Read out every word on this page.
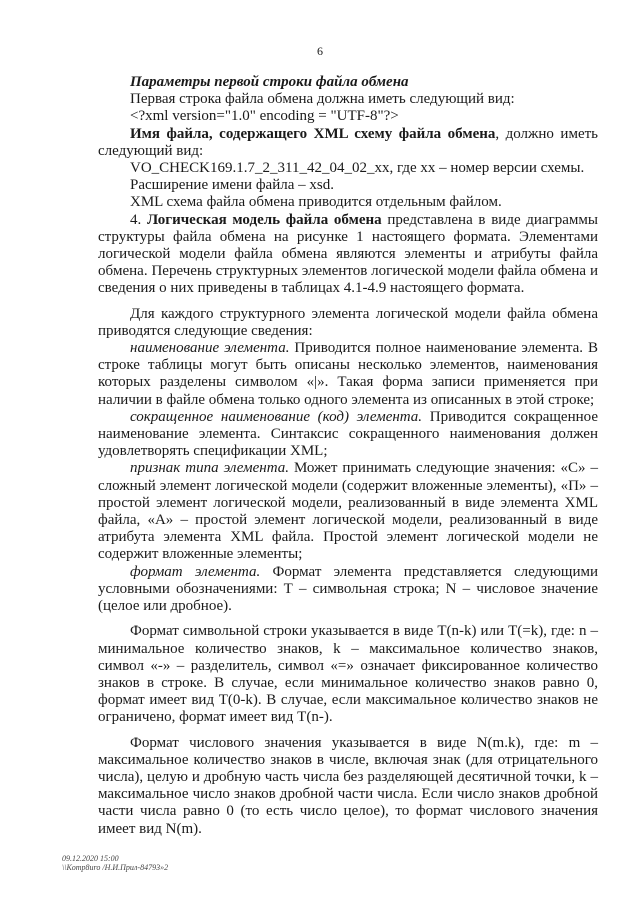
6

Параметры первой строки файла обмена

Первая строка файла обмена должна иметь следующий вид:

<?xml version="1.0" encoding = "UTF-8"?>

Имя файла, содержащего XML схему файла обмена, должно иметь следующий вид:

VO_CHECK169.1.7_2_311_42_04_02_xx, где хх – номер версии схемы.

Расширение имени файла – xsd.

XML схема файла обмена приводится отдельным файлом.

4. Логическая модель файла обмена представлена в виде диаграммы структуры файла обмена на рисунке 1 настоящего формата. Элементами логической модели файла обмена являются элементы и атрибуты файла обмена. Перечень структурных элементов логической модели файла обмена и сведения о них приведены в таблицах 4.1-4.9 настоящего формата.

Для каждого структурного элемента логической модели файла обмена приводятся следующие сведения:

наименование элемента. Приводится полное наименование элемента. В строке таблицы могут быть описаны несколько элементов, наименования которых разделены символом «|». Такая форма записи применяется при наличии в файле обмена только одного элемента из описанных в этой строке;

сокращенное наименование (код) элемента. Приводится сокращенное наименование элемента. Синтаксис сокращенного наименования должен удовлетворять спецификации XML;

признак типа элемента. Может принимать следующие значения: «С» – сложный элемент логической модели (содержит вложенные элементы), «П» – простой элемент логической модели, реализованный в виде элемента XML файла, «А» – простой элемент логической модели, реализованный в виде атрибута элемента XML файла. Простой элемент логической модели не содержит вложенные элементы;

формат элемента. Формат элемента представляется следующими условными обозначениями: Т – символьная строка; N – числовое значение (целое или дробное).

Формат символьной строки указывается в виде Т(n-k) или T(=k), где: n – минимальное количество знаков, k – максимальное количество знаков, символ «-» – разделитель, символ «=» означает фиксированное количество знаков в строке. В случае, если минимальное количество знаков равно 0, формат имеет вид Т(0-k). В случае, если максимальное количество знаков не ограничено, формат имеет вид Т(n-).

Формат числового значения указывается в виде N(m.k), где: m – максимальное количество знаков в числе, включая знак (для отрицательного числа), целую и дробную часть числа без разделяющей десятичной точки, k – максимальное число знаков дробной части числа. Если число знаков дробной части числа равно 0 (то есть число целое), то формат числового значения имеет вид N(m).

09.12.2020 15:00
\\Komp8uro /Н.И.Прил-84793»2
